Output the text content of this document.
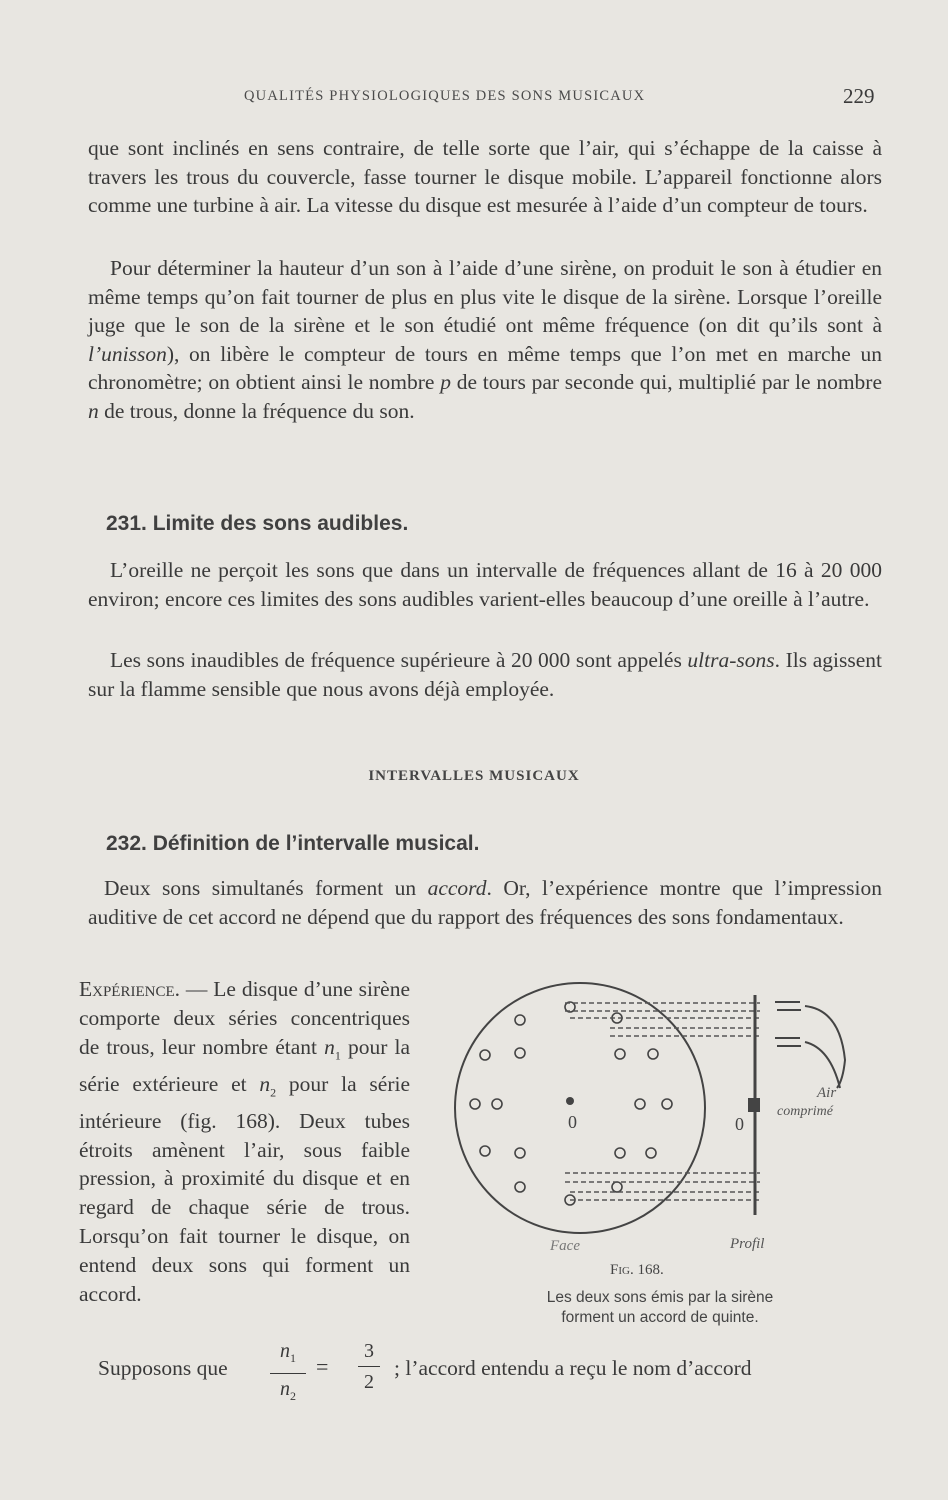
QUALITÉS PHYSIOLOGIQUES DES SONS MUSICAUX	229

que sont inclinés en sens contraire, de telle sorte que l’air, qui s’échappe de la caisse à travers les trous du couvercle, fasse tourner le disque mobile. L’appareil fonctionne alors comme une turbine à air. La vitesse du disque est mesurée à l’aide d’un compteur de tours.

Pour déterminer la hauteur d’un son à l’aide d’une sirène, on produit le son à étudier en même temps qu’on fait tourner de plus en plus vite le disque de la sirène. Lorsque l’oreille juge que le son de la sirène et le son étudié ont même fréquence (on dit qu’ils sont à l’unisson), on libère le compteur de tours en même temps que l’on met en marche un chronomètre; on obtient ainsi le nombre p de tours par seconde qui, multiplié par le nombre n de trous, donne la fréquence du son.

231. Limite des sons audibles.

L’oreille ne perçoit les sons que dans un intervalle de fréquences allant de 16 à 20 000 environ; encore ces limites des sons audibles varient-elles beaucoup d’une oreille à l’autre.

Les sons inaudibles de fréquence supérieure à 20 000 sont appelés ultra-sons. Ils agissent sur la flamme sensible que nous avons déjà employée.

INTERVALLES MUSICAUX
232. Définition de l’intervalle musical.

Deux sons simultanés forment un accord. Or, l’expérience montre que l’impression auditive de cet accord ne dépend que du rapport des fréquences des sons fondamentaux.

Expérience. — Le disque d’une sirène comporte deux séries concentriques de trous, leur nombre étant $n_1$ pour la série extérieure et $n_2$ pour la série intérieure (fig. 168). Deux tubes étroits amènent l’air, sous faible pression, à proximité du disque et en regard de chaque série de trous. Lorsqu’on fait tourner le disque, on entend deux sons qui forment un accord.

0	0
Air
comprimé
Face	Profil
Fig. 168.
Les deux sons émis par la sirène
forment un accord de quinte.
Supposons que
$n_1$
$n_2$
=
3
2
; l’accord entendu a reçu le nom d’accord
